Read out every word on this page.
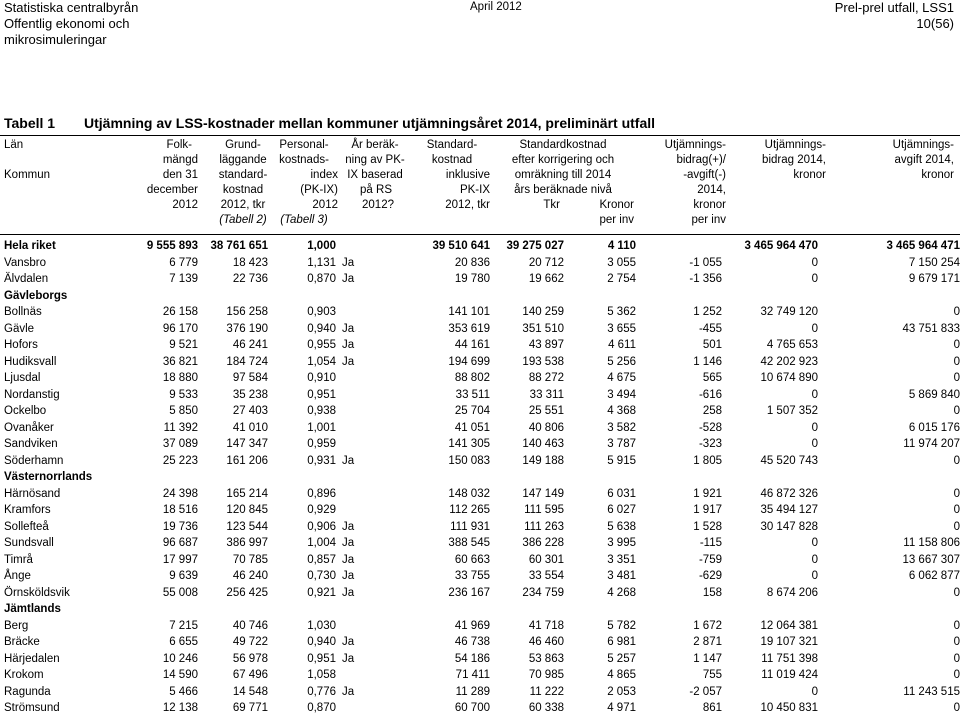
Statistiska centralbyrån
Offentlig ekonomi och
mikrosimuleringar
April 2012	Prel-prel utfall, LSS1
10(56)
Tabell 1 Utjämning av LSS-kostnader mellan kommuner utjämningsåret 2014, preliminärt utfall
Län
Kommun
Folk-
mängd
den 31
december
2012
Grund-
läggande
standard-
kostnad
2012, tkr
(Tabell 2)
Personal-
kostnads-
index
(PK-IX)
2012
(Tabell 3)
År beräk-
ning av PK-
IX baserad
på RS
2012?
Standard-
kostnad
inklusive
PK-IX
2012, tkr
Standardkostnad
efter korrigering och
omräkning till 2014
års beräknade nivå
Tkr	Kronor
per inv
Utjämnings-
bidrag(+)/
-avgift(-)
2014,
kronor
per inv
Utjämnings-
bidrag 2014,
kronor
Utjämnings-
avgift 2014,
kronor
Hela riket	9 555 893	38 761 651	1,000		39 510 641	39 275 027	4 110		3 465 964 470	3 465 964 471
Vansbro	6 779	18 423	1,131	Ja	20 836	20 712	3 055	-1 055	0	7 150 254
Älvdalen	7 139	22 736	0,870	Ja	19 780	19 662	2 754	-1 356	0	9 679 171
Gävleborgs										
Bollnäs	26 158	156 258	0,903		141 101	140 259	5 362	1 252	32 749 120	0
Gävle	96 170	376 190	0,940	Ja	353 619	351 510	3 655	-455	0	43 751 833
Hofors	9 521	46 241	0,955	Ja	44 161	43 897	4 611	501	4 765 653	0
Hudiksvall	36 821	184 724	1,054	Ja	194 699	193 538	5 256	1 146	42 202 923	0
Ljusdal	18 880	97 584	0,910		88 802	88 272	4 675	565	10 674 890	0
Nordanstig	9 533	35 238	0,951		33 511	33 311	3 494	-616	0	5 869 840
Ockelbo	5 850	27 403	0,938		25 704	25 551	4 368	258	1 507 352	0
Ovanåker	11 392	41 010	1,001		41 051	40 806	3 582	-528	0	6 015 176
Sandviken	37 089	147 347	0,959		141 305	140 463	3 787	-323	0	11 974 207
Söderhamn	25 223	161 206	0,931	Ja	150 083	149 188	5 915	1 805	45 520 743	0
Västernorrlands										
Härnösand	24 398	165 214	0,896		148 032	147 149	6 031	1 921	46 872 326	0
Kramfors	18 516	120 845	0,929		112 265	111 595	6 027	1 917	35 494 127	0
Sollefteå	19 736	123 544	0,906	Ja	111 931	111 263	5 638	1 528	30 147 828	0
Sundsvall	96 687	386 997	1,004	Ja	388 545	386 228	3 995	-115	0	11 158 806
Timrå	17 997	70 785	0,857	Ja	60 663	60 301	3 351	-759	0	13 667 307
Ånge	9 639	46 240	0,730	Ja	33 755	33 554	3 481	-629	0	6 062 877
Örnsköldsvik	55 008	256 425	0,921	Ja	236 167	234 759	4 268	158	8 674 206	0
Jämtlands										
Berg	7 215	40 746	1,030		41 969	41 718	5 782	1 672	12 064 381	0
Bräcke	6 655	49 722	0,940	Ja	46 738	46 460	6 981	2 871	19 107 321	0
Härjedalen	10 246	56 978	0,951	Ja	54 186	53 863	5 257	1 147	11 751 398	0
Krokom	14 590	67 496	1,058		71 411	70 985	4 865	755	11 019 424	0
Ragunda	5 466	14 548	0,776	Ja	11 289	11 222	2 053	-2 057	0	11 243 515
Strömsund	12 138	69 771	0,870		60 700	60 338	4 971	861	10 450 831	0
